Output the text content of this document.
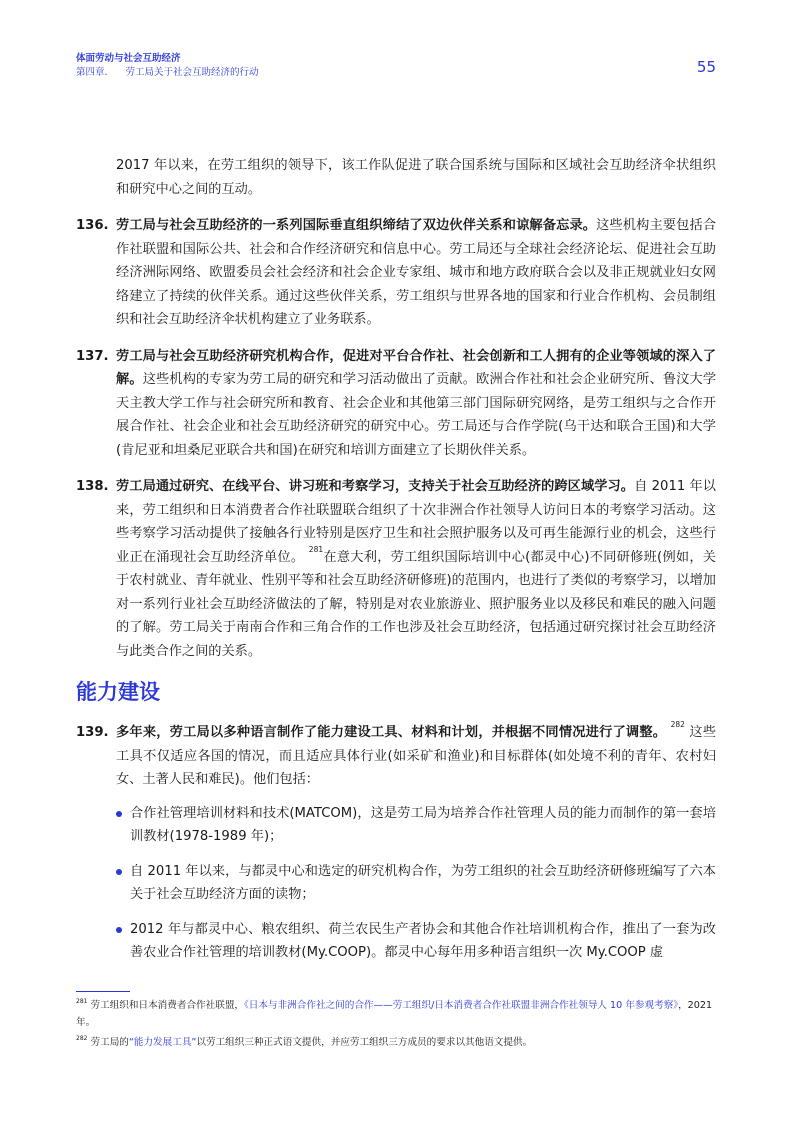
体面劳动与社会互助经济
第四章. 劳工局关于社会互助经济的行动	55
2017 年以来，在劳工组织的领导下，该工作队促进了联合国系统与国际和区域社会互助经济伞状组织和研究中心之间的互动。
136. 劳工局与社会互助经济的一系列国际垂直组织缔结了双边伙伴关系和谅解备忘录。这些机构主要包括合作社联盟和国际公共、社会和合作经济研究和信息中心。劳工局还与全球社会经济论坛、促进社会互助经济洲际网络、欧盟委员会社会经济和社会企业专家组、城市和地方政府联合会以及非正规就业妇女网络建立了持续的伙伴关系。通过这些伙伴关系，劳工组织与世界各地的国家和行业合作机构、会员制组织和社会互助经济伞状机构建立了业务联系。
137. 劳工局与社会互助经济研究机构合作，促进对平台合作社、社会创新和工人拥有的企业等领域的深入了解。这些机构的专家为劳工局的研究和学习活动做出了贡献。欧洲合作社和社会企业研究所、鲁汶大学天主教大学工作与社会研究所和教育、社会企业和其他第三部门国际研究网络，是劳工组织与之合作开展合作社、社会企业和社会互助经济研究的研究中心。劳工局还与合作学院(乌干达和联合王国)和大学(肯尼亚和坦桑尼亚联合共和国)在研究和培训方面建立了长期伙伴关系。
138. 劳工局通过研究、在线平台、讲习班和考察学习，支持关于社会互助经济的跨区域学习。自 2011 年以来，劳工组织和日本消费者合作社联盟联合组织了十次非洲合作社领导人访问日本的考察学习活动。这些考察学习活动提供了接触各行业特别是医疗卫生和社会照护服务以及可再生能源行业的机会，这些行业正在涌现社会互助经济单位。 $^{281}$在意大利，劳工组织国际培训中心(都灵中心)不同研修班(例如，关于农村就业、青年就业、性别平等和社会互助经济研修班)的范围内，也进行了类似的考察学习，以增加对一系列行业社会互助经济做法的了解，特别是对农业旅游业、照护服务业以及移民和难民的融入问题的了解。劳工局关于南南合作和三角合作的工作也涉及社会互助经济，包括通过研究探讨社会互助经济与此类合作之间的关系。
能力建设
139. 多年来，劳工局以多种语言制作了能力建设工具、材料和计划，并根据不同情况进行了调整。 $^{282}$ 这些工具不仅适应各国的情况，而且适应具体行业(如采矿和渔业)和目标群体(如处境不利的青年、农村妇女、土著人民和难民)。他们包括：
合作社管理培训材料和技术(MATCOM)，这是劳工局为培养合作社管理人员的能力而制作的第一套培训教材(1978-1989 年)；
自 2011 年以来，与都灵中心和选定的研究机构合作，为劳工组织的社会互助经济研修班编写了六本关于社会互助经济方面的读物；
2012 年与都灵中心、粮农组织、荷兰农民生产者协会和其他合作社培训机构合作，推出了一套为改善农业合作社管理的培训教材(My.COOP)。都灵中心每年用多种语言组织一次 My.COOP 虚
$^{281}$ 劳工组织和日本消费者合作社联盟，《日本与非洲合作社之间的合作——劳工组织/日本消费者合作社联盟非洲合作社领导人 10 年参观考察》，2021 年。
$^{282}$ 劳工局的“能力发展工具”以劳工组织三种正式语文提供，并应劳工组织三方成员的要求以其他语文提供。
